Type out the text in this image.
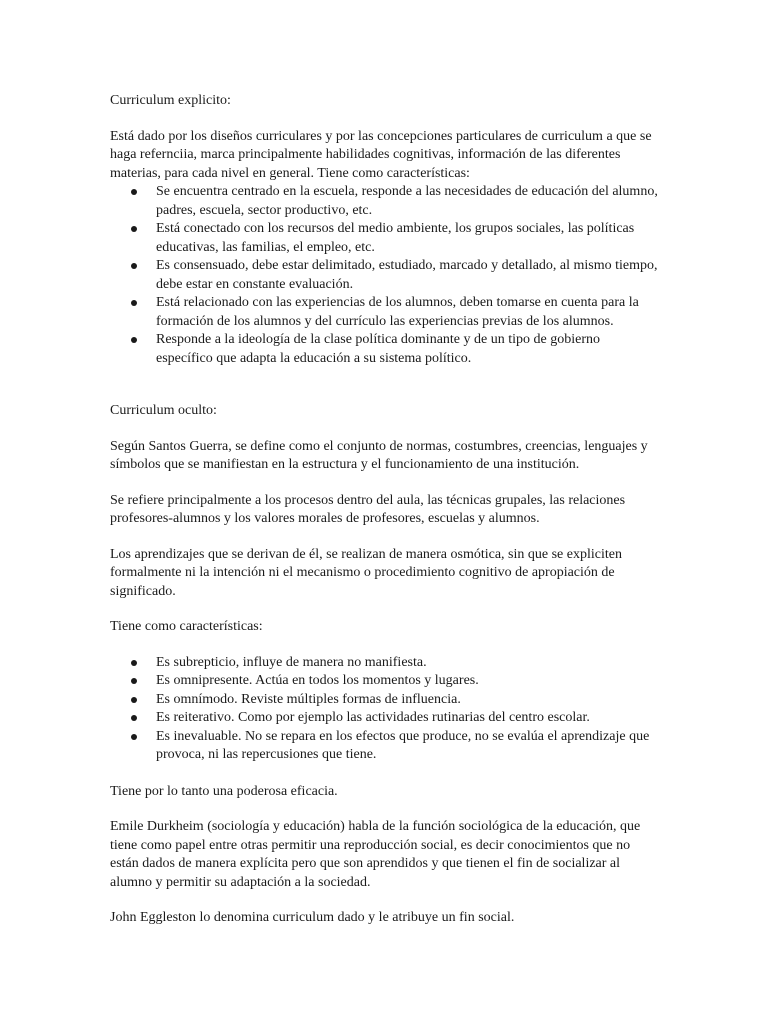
Curriculum explicito:

Está dado por los diseños curriculares y por las concepciones particulares de curriculum a que se haga refernciia, marca principalmente habilidades cognitivas, información de las diferentes materias, para cada nivel en general. Tiene como características:

Se encuentra centrado en la escuela, responde a las necesidades de educación del alumno, padres, escuela, sector productivo, etc.
Está conectado con los recursos del medio ambiente, los grupos sociales, las políticas educativas, las familias, el empleo, etc.
Es consensuado, debe estar delimitado, estudiado, marcado y detallado, al mismo tiempo, debe estar en constante evaluación.
Está relacionado con las experiencias de los alumnos, deben tomarse en cuenta para la formación de los alumnos y del currículo las experiencias previas de los alumnos.
Responde a la ideología de la clase política dominante y de un tipo de gobierno específico que adapta la educación a su sistema político.

Curriculum oculto:

Según Santos Guerra, se define como el conjunto de normas, costumbres, creencias, lenguajes y símbolos que se manifiestan en la estructura y el funcionamiento de una institución.

Se refiere principalmente a los procesos dentro del aula, las técnicas grupales, las relaciones profesores-alumnos y los valores morales de profesores, escuelas y alumnos.

Los aprendizajes que se derivan de él, se realizan de manera osmótica, sin que se expliciten formalmente ni la intención ni el mecanismo o procedimiento cognitivo de apropiación de significado.

Tiene como características:

Es subrepticio, influye de manera no manifiesta.
Es omnipresente. Actúa en todos los momentos y lugares.
Es omnímodo. Reviste múltiples formas de influencia.
Es reiterativo. Como por ejemplo las actividades rutinarias del centro escolar.
Es inevaluable. No se repara en los efectos que produce, no se evalúa el aprendizaje que provoca, ni las repercusiones que tiene.

Tiene por lo tanto una poderosa eficacia.

Emile Durkheim (sociología y educación) habla de la función sociológica de la educación, que tiene como papel entre otras permitir una reproducción social, es decir conocimientos que no están dados de manera explícita pero que son aprendidos y que tienen el fin de socializar al alumno y permitir su adaptación a la sociedad.

John Eggleston lo denomina curriculum dado y le atribuye un fin social.
